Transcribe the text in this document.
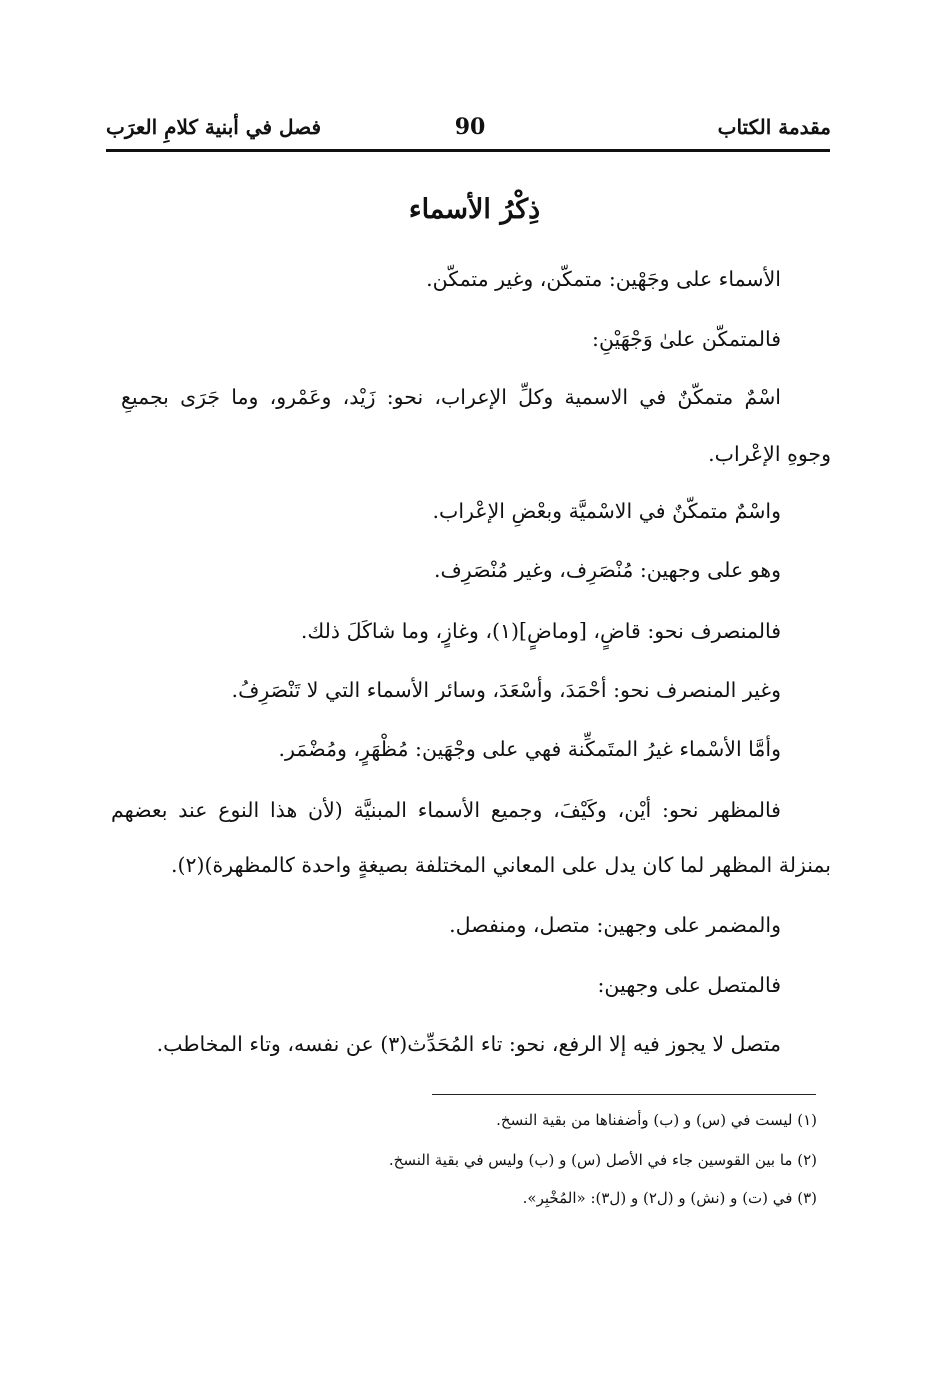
مقدمة الكتاب
90
فصل في أبنية كلامِ العرَب
ذِكْرُ الأسماء
الأسماء على وجَهْين: متمكّن، وغير متمكّن.
فالمتمكّن علىٰ وَجْهَيْنِ:
اسْمٌ متمكّنٌ في الاسمية وكلِّ الإعراب، نحو: زَيْد، وعَمْرو، وما جَرَى بجميعِ
وجوهِ الإعْراب.
واسْمٌ متمكّنٌ في الاسْميَّة وبعْضِ الإعْراب.
وهو على وجهين: مُنْصَرِف، وغير مُنْصَرِف.
فالمنصرف نحو: قاضٍ، [وماضٍ](١)، وغازٍ، وما شاكَلَ ذلك.
وغير المنصرف نحو: أحْمَدَ، وأسْعَدَ، وسائر الأسماء التي لا تَنْصَرِفُ.
وأمَّا الأسْماء غيرُ المتَمكِّنة فهي على وجْهَين: مُظْهَرٍ، ومُضْمَر.
فالمظهر نحو: أيْن، وكَيْفَ، وجميع الأسماء المبنيَّة (لأن هذا النوع عند بعضهم
بمنزلة المظهر لما كان يدل على المعاني المختلفة بصيغةٍ واحدة كالمظهرة)(٢).
والمضمر على وجهين: متصل، ومنفصل.
فالمتصل على وجهين:
متصل لا يجوز فيه إلا الرفع، نحو: تاء المُحَدِّث(٣) عن نفسه، وتاء المخاطب.
(١) ليست في (س) و (ب) وأضفناها من بقية النسخ.
(٢) ما بين القوسين جاء في الأصل (س) و (ب) وليس في بقية النسخ.
(٣) في (ت) و (نش) و (ل٢) و (ل٣): «المُخْبِر».
